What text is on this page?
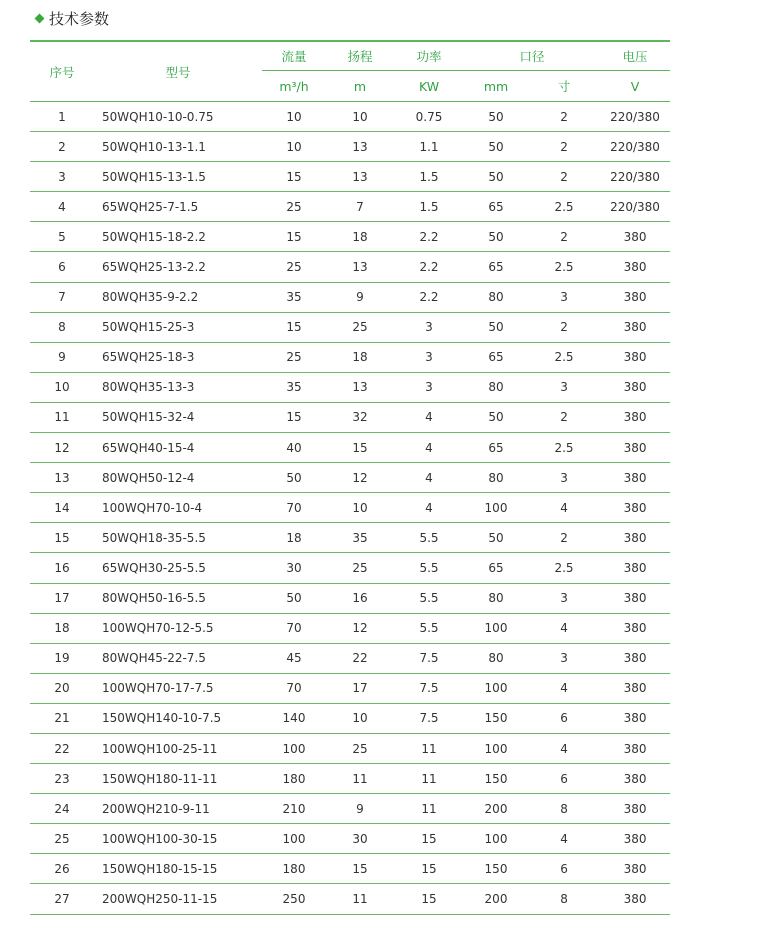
技术参数
序号	型号	流量	扬程	功率	口径		电压
		m³/h	m	KW	mm	寸	V
1	50WQH10-10-0.75	10	10	0.75	50	2	220/380
2	50WQH10-13-1.1	10	13	1.1	50	2	220/380
3	50WQH15-13-1.5	15	13	1.5	50	2	220/380
4	65WQH25-7-1.5	25	7	1.5	65	2.5	220/380
5	50WQH15-18-2.2	15	18	2.2	50	2	380
6	65WQH25-13-2.2	25	13	2.2	65	2.5	380
7	80WQH35-9-2.2	35	9	2.2	80	3	380
8	50WQH15-25-3	15	25	3	50	2	380
9	65WQH25-18-3	25	18	3	65	2.5	380
10	80WQH35-13-3	35	13	3	80	3	380
11	50WQH15-32-4	15	32	4	50	2	380
12	65WQH40-15-4	40	15	4	65	2.5	380
13	80WQH50-12-4	50	12	4	80	3	380
14	100WQH70-10-4	70	10	4	100	4	380
15	50WQH18-35-5.5	18	35	5.5	50	2	380
16	65WQH30-25-5.5	30	25	5.5	65	2.5	380
17	80WQH50-16-5.5	50	16	5.5	80	3	380
18	100WQH70-12-5.5	70	12	5.5	100	4	380
19	80WQH45-22-7.5	45	22	7.5	80	3	380
20	100WQH70-17-7.5	70	17	7.5	100	4	380
21	150WQH140-10-7.5	140	10	7.5	150	6	380
22	100WQH100-25-11	100	25	11	100	4	380
23	150WQH180-11-11	180	11	11	150	6	380
24	200WQH210-9-11	210	9	11	200	8	380
25	100WQH100-30-15	100	30	15	100	4	380
26	150WQH180-15-15	180	15	15	150	6	380
27	200WQH250-11-15	250	11	15	200	8	380
